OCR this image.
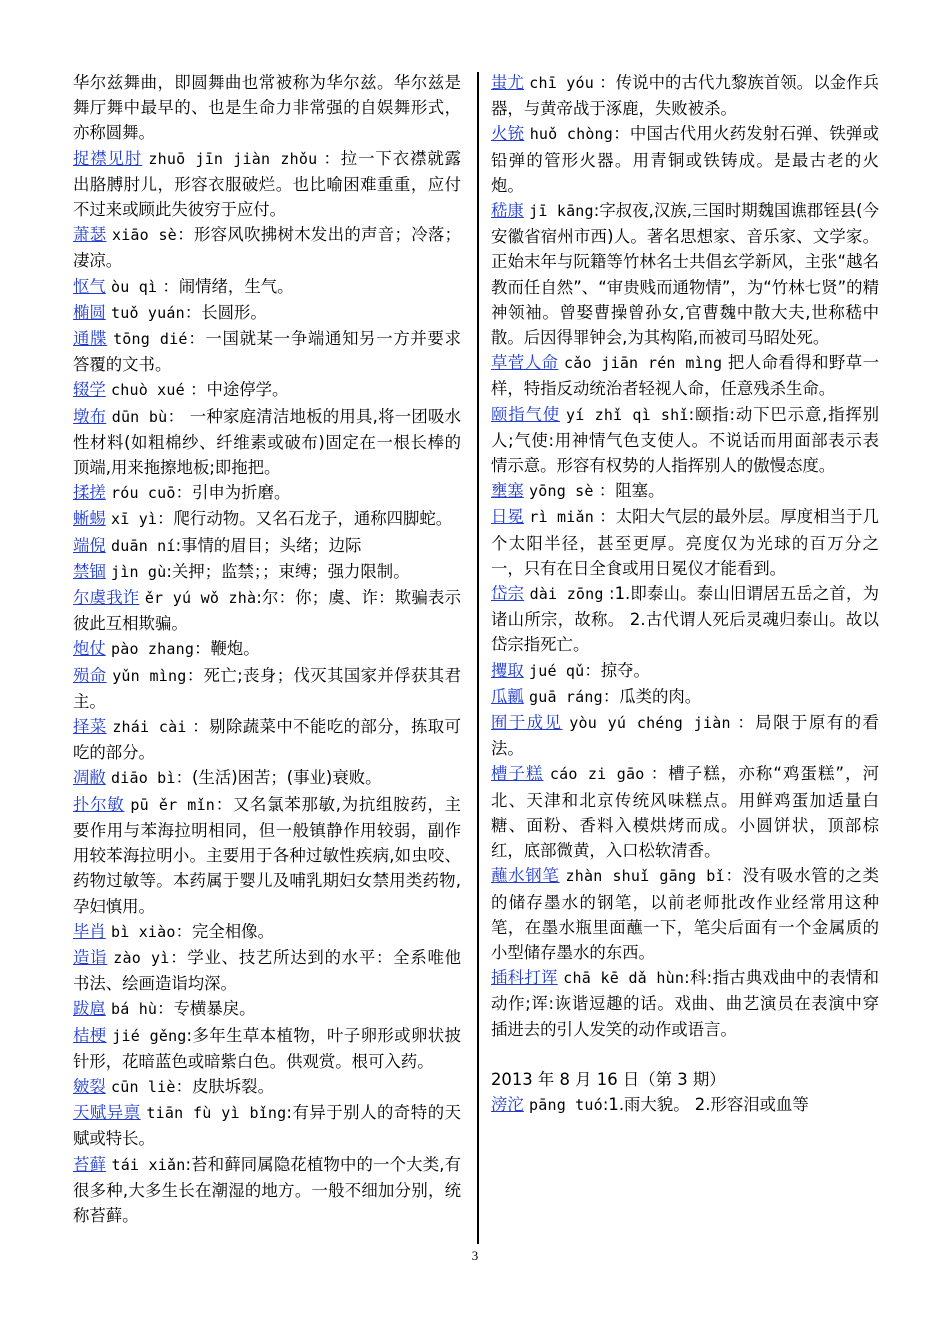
华尔兹舞曲，即圆舞曲也常被称为华尔兹。华尔兹是舞厅舞中最早的、也是生命力非常强的自娱舞形式，亦称圆舞。

捉襟见肘 zhuō jīn jiàn zhǒu ：拉一下衣襟就露出胳膊肘儿，形容衣服破烂。也比喻困难重重，应付不过来或顾此失彼穷于应付。

萧瑟 xiāo sè：形容风吹拂树木发出的声音；冷落；凄凉。

怄气 òu qì ：闹情绪，生气。

椭圆 tuǒ yuán：长圆形。

通牒 tōng dié：一国就某一争端通知另一方并要求答覆的文书。

辍学 chuò xué ：中途停学。

墩布 dūn bù： 一种家庭清洁地板的用具,将一团吸水性材料(如粗棉纱、纤维素或破布)固定在一根长棒的顶端,用来拖擦地板;即拖把。

揉搓 róu cuō：引申为折磨。

蜥蜴 xī yì：爬行动物。又名石龙子，通称四脚蛇。

端倪 duān ní:事情的眉目；头绪；边际

禁锢 jìn gù:关押；监禁；；束缚；强力限制。

尔虞我诈 ěr yú wǒ zhà:尔：你；虞、诈：欺骗表示彼此互相欺骗。

炮仗 pào zhang：鞭炮。

殒命 yǔn mìng：死亡;丧身；伐灭其国家并俘获其君主。

择菜 zhái cài ：剔除蔬菜中不能吃的部分，拣取可吃的部分。

凋敝 diāo bì：(生活)困苦；(事业)衰败。

扑尔敏 pū ěr mǐn：又名氯苯那敏,为抗组胺药，主要作用与苯海拉明相同，但一般镇静作用较弱，副作用较苯海拉明小。主要用于各种过敏性疾病,如虫咬、药物过敏等。本药属于婴儿及哺乳期妇女禁用类药物,孕妇慎用。

毕肖 bì xiào：完全相像。

造诣 zào yì：学业、技艺所达到的水平：全系唯他书法、绘画造诣均深。

跋扈 bá hù：专横暴戾。

桔梗 jié gěng:多年生草本植物，叶子卵形或卵状披针形，花暗蓝色或暗紫白色。供观赏。根可入药。

皴裂 cūn liè：皮肤坼裂。

天赋异禀 tiān fù yì bǐng:有异于别人的奇特的天赋或特长。

苔藓 tái xiǎn:苔和藓同属隐花植物中的一个大类,有很多种,大多生长在潮湿的地方。一般不细加分别，统称苔藓。

蚩尤 chī yóu ：传说中的古代九黎族首领。以金作兵器，与黄帝战于涿鹿，失败被杀。

火铳 huǒ chòng：中国古代用火药发射石弹、铁弹或铅弹的管形火器。用青铜或铁铸成。是最古老的火炮。

嵇康 jī kāng:字叔夜,汉族,三国时期魏国谯郡铚县(今安徽省宿州市西)人。著名思想家、音乐家、文学家。正始末年与阮籍等竹林名士共倡玄学新风，主张“越名教而任自然”、“审贵贱而通物情”，为“竹林七贤”的精神领袖。曾娶曹操曾孙女,官曹魏中散大夫,世称嵇中散。后因得罪钟会,为其构陷,而被司马昭处死。

草菅人命 cǎo jiān rén mìng 把人命看得和野草一样，特指反动统治者轻视人命，任意残杀生命。

颐指气使 yí zhǐ qì shǐ:颐指:动下巴示意,指挥别人;气使:用神情气色支使人。不说话而用面部表示表情示意。形容有权势的人指挥别人的傲慢态度。

壅塞 yōng sè ：阻塞。

日冕 rì miǎn ：太阳大气层的最外层。厚度相当于几个太阳半径，甚至更厚。亮度仅为光球的百万分之一，只有在日全食或用日冕仪才能看到。

岱宗 dài zōng :1.即泰山。泰山旧谓居五岳之首，为诸山所宗，故称。 2.古代谓人死后灵魂归泰山。故以岱宗指死亡。

攫取 jué qǔ：掠夺。

瓜瓤 guā ráng：瓜类的肉。

囿于成见 yòu yú chéng jiàn ：局限于原有的看法。

槽子糕 cáo zi gāo ：槽子糕，亦称“鸡蛋糕”，河北、天津和北京传统风味糕点。用鲜鸡蛋加适量白糖、面粉、香料入模烘烤而成。小圆饼状，顶部棕红，底部微黄，入口松软清香。

蘸水钢笔 zhàn shuǐ gāng bǐ：没有吸水管的之类的储存墨水的钢笔，以前老师批改作业经常用这种笔，在墨水瓶里面蘸一下，笔尖后面有一个金属质的小型储存墨水的东西。

插科打诨 chā kē dǎ hùn:科:指古典戏曲中的表情和动作;诨:诙谐逗趣的话。戏曲、曲艺演员在表演中穿插进去的引人发笑的动作或语言。

2013 年 8 月 16 日（第 3 期）

滂沱 pāng tuó:1.雨大貌。 2.形容泪或血等

3
